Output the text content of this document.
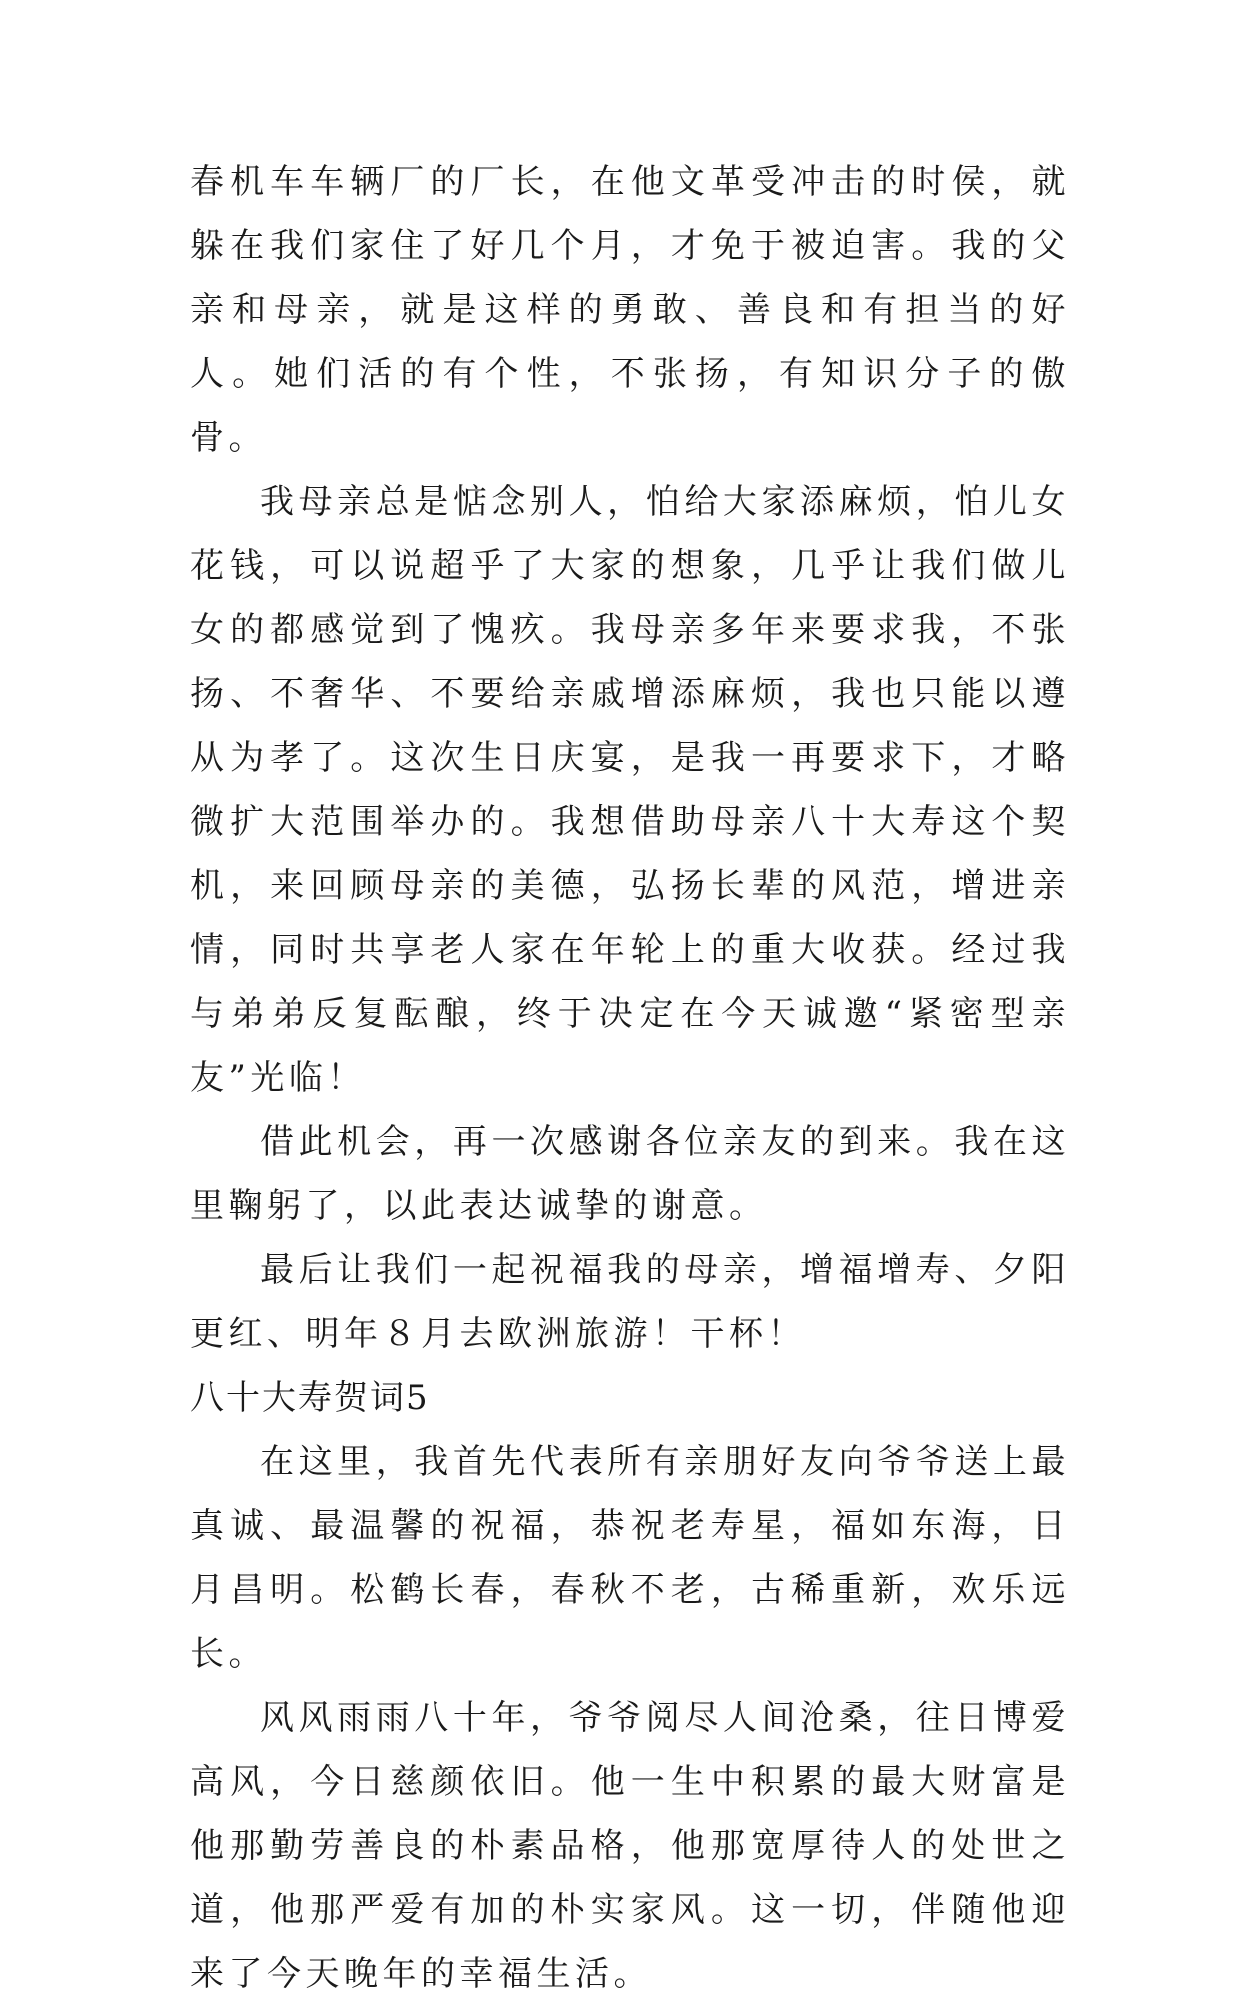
春机车车辆厂的厂长，在他文革受冲击的时侯，就躲在我们家住了好几个月，才免于被迫害。我的父亲和母亲，就是这样的勇敢、善良和有担当的好人。她们活的有个性，不张扬，有知识分子的傲骨。

我母亲总是惦念别人，怕给大家添麻烦，怕儿女花钱，可以说超乎了大家的想象，几乎让我们做儿女的都感觉到了愧疚。我母亲多年来要求我，不张扬、不奢华、不要给亲戚增添麻烦，我也只能以遵从为孝了。这次生日庆宴，是我一再要求下，才略微扩大范围举办的。我想借助母亲八十大寿这个契机，来回顾母亲的美德，弘扬长辈的风范，增进亲情，同时共享老人家在年轮上的重大收获。经过我与弟弟反复酝酿，终于决定在今天诚邀“紧密型亲友”光临！

借此机会，再一次感谢各位亲友的到来。我在这里鞠躬了，以此表达诚挚的谢意。

最后让我们一起祝福我的母亲，增福增寿、夕阳更红、明年８月去欧洲旅游！干杯！

八十大寿贺词5

在这里，我首先代表所有亲朋好友向爷爷送上最真诚、最温馨的祝福，恭祝老寿星，福如东海，日月昌明。松鹤长春，春秋不老，古稀重新，欢乐远长。

风风雨雨八十年，爷爷阅尽人间沧桑，往日博爱高风，今日慈颜依旧。他一生中积累的最大财富是他那勤劳善良的朴素品格，他那宽厚待人的处世之道，他那严爱有加的朴实家风。这一切，伴随他迎来了今天晚年的幸福生活。
